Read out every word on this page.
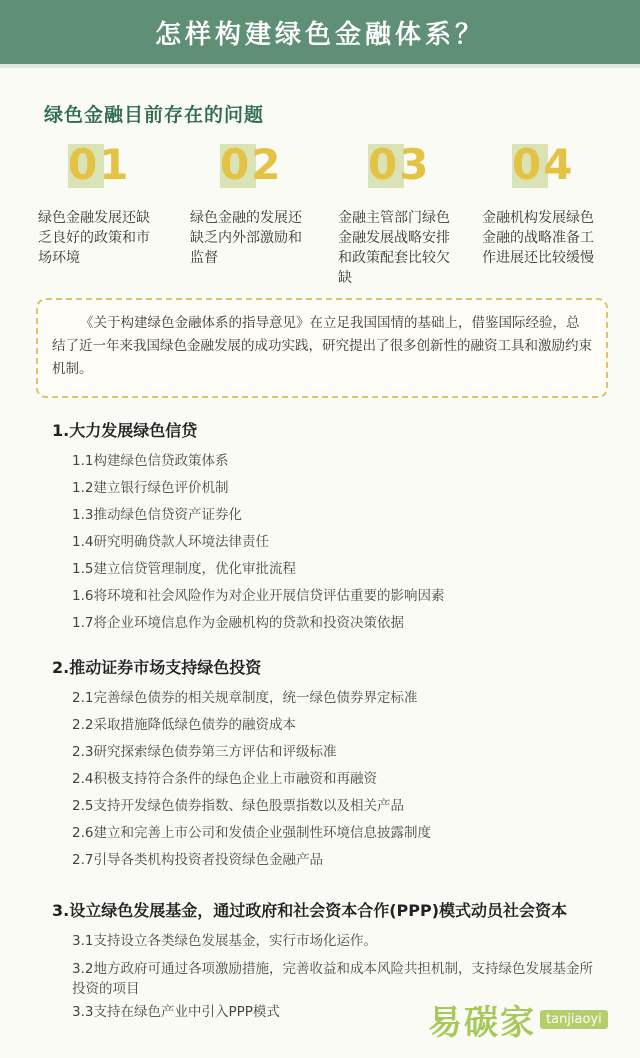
怎样构建绿色金融体系？
绿色金融目前存在的问题
01
绿色金融发展还缺乏良好的政策和市场环境
02
绿色金融的发展还缺乏内外部激励和监督
03
金融主管部门绿色金融发展战略安排和政策配套比较欠缺
04
金融机构发展绿色金融的战略准备工作进展还比较缓慢

《关于构建绿色金融体系的指导意见》在立足我国国情的基础上，借鉴国际经验，总结了近一年来我国绿色金融发展的成功实践，研究提出了很多创新性的融资工具和激励约束机制。

1.大力发展绿色信贷
1.1构建绿色信贷政策体系
1.2建立银行绿色评价机制
1.3推动绿色信贷资产证券化
1.4研究明确贷款人环境法律责任
1.5建立信贷管理制度，优化审批流程
1.6将环境和社会风险作为对企业开展信贷评估重要的影响因素
1.7将企业环境信息作为金融机构的贷款和投资决策依据
2.推动证券市场支持绿色投资
2.1完善绿色债券的相关规章制度，统一绿色债券界定标准
2.2采取措施降低绿色债券的融资成本
2.3研究探索绿色债券第三方评估和评级标准
2.4积极支持符合条件的绿色企业上市融资和再融资
2.5支持开发绿色债券指数、绿色股票指数以及相关产品
2.6建立和完善上市公司和发债企业强制性环境信息披露制度
2.7引导各类机构投资者投资绿色金融产品
3.设立绿色发展基金，通过政府和社会资本合作(PPP)模式动员社会资本
3.1支持设立各类绿色发展基金，实行市场化运作。
3.2地方政府可通过各项激励措施，完善收益和成本风险共担机制，支持绿色发展基金所投资的项目
3.3支持在绿色产业中引入PPP模式	易碳家 tanjiaoyi
